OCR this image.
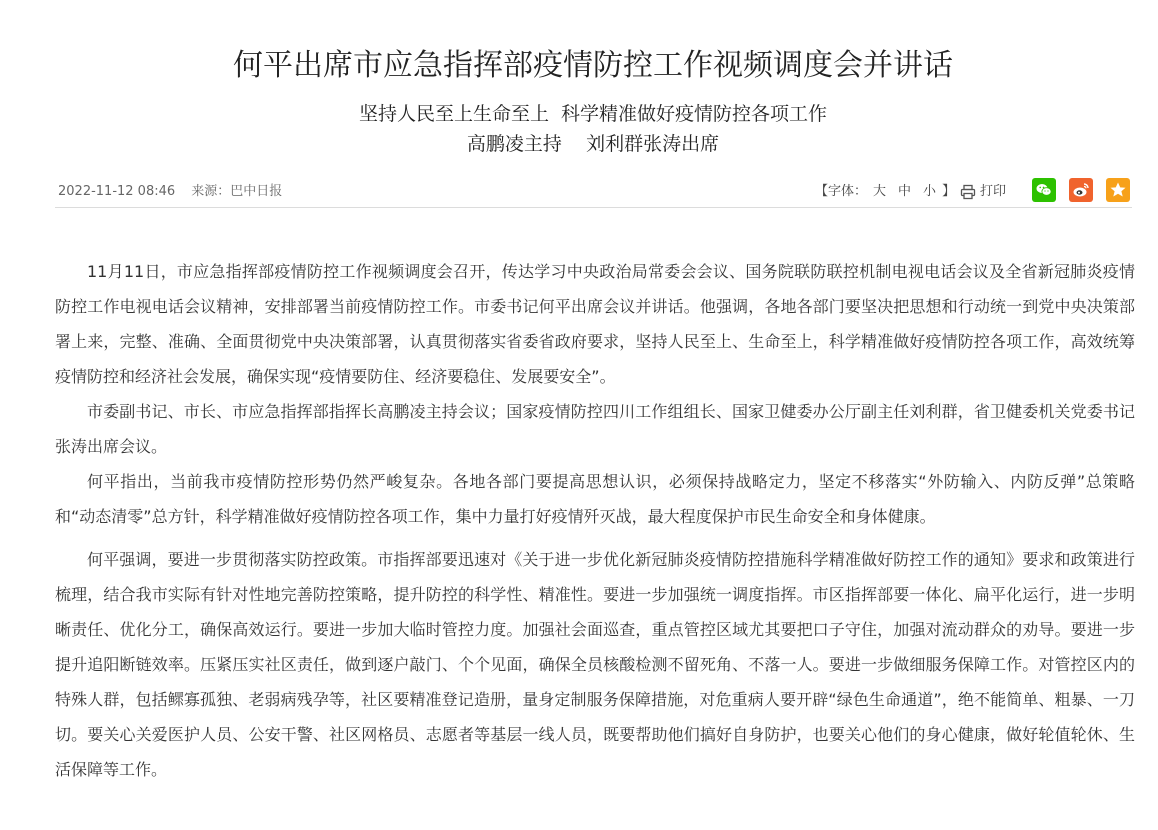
何平出席市应急指挥部疫情防控工作视频调度会并讲话
坚持人民至上生命至上  科学精准做好疫情防控各项工作
高鹏凌主持    刘利群张涛出席
2022-11-12 08:46 来源：巴中日报	【字体： 大 中 小 】	打印

11月11日，市应急指挥部疫情防控工作视频调度会召开，传达学习中央政治局常委会会议、国务院联防联控机制电视电话会议及全省新冠肺炎疫情防控工作电视电话会议精神，安排部署当前疫情防控工作。市委书记何平出席会议并讲话。他强调，各地各部门要坚决把思想和行动统一到党中央决策部署上来，完整、准确、全面贯彻党中央决策部署，认真贯彻落实省委省政府要求，坚持人民至上、生命至上，科学精准做好疫情防控各项工作，高效统筹疫情防控和经济社会发展，确保实现“疫情要防住、经济要稳住、发展要安全”。

市委副书记、市长、市应急指挥部指挥长高鹏凌主持会议；国家疫情防控四川工作组组长、国家卫健委办公厅副主任刘利群，省卫健委机关党委书记张涛出席会议。

何平指出，当前我市疫情防控形势仍然严峻复杂。各地各部门要提高思想认识，必须保持战略定力，坚定不移落实“外防输入、内防反弹”总策略和“动态清零”总方针，科学精准做好疫情防控各项工作，集中力量打好疫情歼灭战，最大程度保护市民生命安全和身体健康。

何平强调，要进一步贯彻落实防控政策。市指挥部要迅速对《关于进一步优化新冠肺炎疫情防控措施科学精准做好防控工作的通知》要求和政策进行梳理，结合我市实际有针对性地完善防控策略，提升防控的科学性、精准性。要进一步加强统一调度指挥。市区指挥部要一体化、扁平化运行，进一步明晰责任、优化分工，确保高效运行。要进一步加大临时管控力度。加强社会面巡查，重点管控区域尤其要把口子守住，加强对流动群众的劝导。要进一步提升追阳断链效率。压紧压实社区责任，做到逐户敲门、个个见面，确保全员核酸检测不留死角、不落一人。要进一步做细服务保障工作。对管控区内的特殊人群，包括鳏寡孤独、老弱病残孕等，社区要精准登记造册，量身定制服务保障措施，对危重病人要开辟“绿色生命通道”，绝不能简单、粗暴、一刀切。要关心关爱医护人员、公安干警、社区网格员、志愿者等基层一线人员，既要帮助他们搞好自身防护，也要关心他们的身心健康，做好轮值轮休、生活保障等工作。
